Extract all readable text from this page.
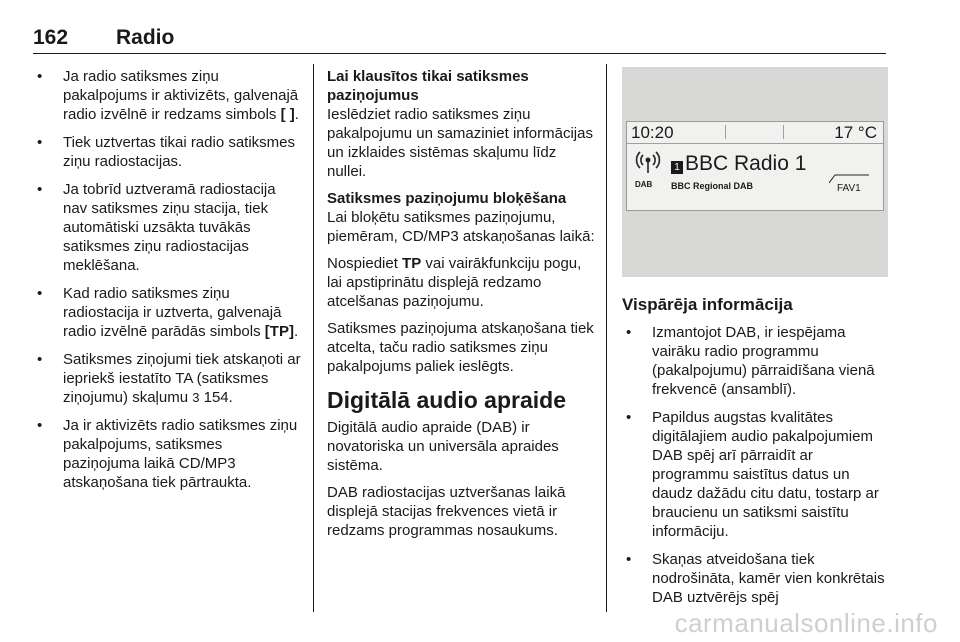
162 Radio
• Ja radio satiksmes ziņu pakalpojums ir aktivizēts, galvenajā radio izvēlnē ir redzams simbols [ ].
• Tiek uztvertas tikai radio satiksmes ziņu radiostacijas.
• Ja tobrīd uztveramā radiostacija nav satiksmes ziņu stacija, tiek automātiski uzsākta tuvākās satiksmes ziņu radiostacijas meklēšana.
• Kad radio satiksmes ziņu radiostacija ir uztverta, galvenajā radio izvēlnē parādās simbols [TP].
• Satiksmes ziņojumi tiek atskaņoti ar iepriekš iestatīto TA (satiksmes ziņojumu) skaļumu 3 154.
• Ja ir aktivizēts radio satiksmes ziņu pakalpojums, satiksmes paziņojuma laikā CD/MP3 atskaņošana tiek pārtraukta.
Lai klausītos tikai satiksmes paziņojumus

Ieslēdziet radio satiksmes ziņu pakalpojumu un samaziniet informācijas un izklaides sistēmas skaļumu līdz nullei.

Satiksmes paziņojumu bloķēšana

Lai bloķētu satiksmes paziņojumu, piemēram, CD/MP3 atskaņošanas laikā:

Nospiediet TP vai vairākfunkciju pogu, lai apstiprinātu displejā redzamo atcelšanas paziņojumu.

Satiksmes paziņojuma atskaņošana tiek atcelta, taču radio satiksmes ziņu pakalpojums paliek ieslēgts.

Digitālā audio apraide

Digitālā audio apraide (DAB) ir novatoriska un universāla apraides sistēma.

DAB radiostacijas uztveršanas laikā displejā stacijas frekvences vietā ir redzams programmas nosaukums.

10:20	17 °C
DAB
1 BBC Radio 1
BBC Regional DAB	FAV1
Vispārēja informācija
• Izmantojot DAB, ir iespējama vairāku radio programmu (pakalpojumu) pārraidīšana vienā frekvencē (ansamblī).
• Papildus augstas kvalitātes digitālajiem audio pakalpojumiem DAB spēj arī pārraidīt ar programmu saistītus datus un daudz dažādu citu datu, tostarp ar braucienu un satiksmi saistītu informāciju.
• Skaņas atveidošana tiek nodrošināta, kamēr vien konkrētais DAB uztvērējs spēj
carmanualsonline.info
